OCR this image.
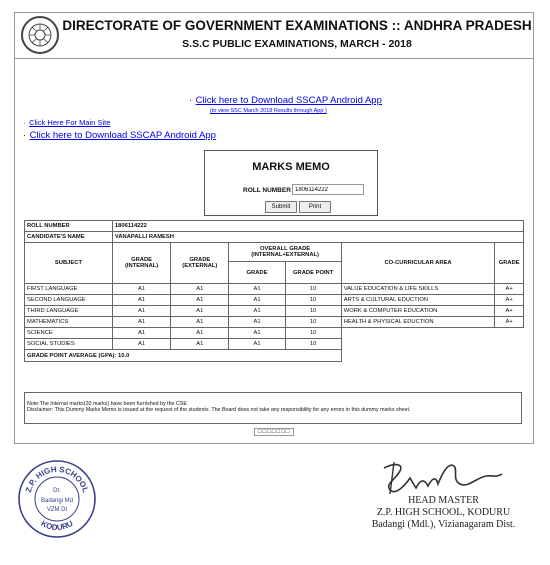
DIRECTORATE OF GOVERNMENT EXAMINATIONS :: ANDHRA PRADESH
S.S.C PUBLIC EXAMINATIONS, MARCH - 2018
· Click here to Download SSCAP Android App
(to view SSC March 2018 Results through App )
· Click Here For Main Site
· Click here to Download SSCAP Android App
MARKS MEMO
ROLL NUMBER
1806114222
Submit	Print
ROLL NUMBER	1806114222					
CANDIDATE'S NAME	VANAPALLI RAMESH					
SUBJECT	GRADE (INTERNAL)	GRADE (EXTERNAL)	OVERALL GRADE (INTERNAL+EXTERNAL)		CO-CURRICULAR AREA	GRADE
			GRADE	GRADE POINT		
FIRST LANGUAGE	A1	A1	A1	10	VALUE EDUCATION & LIFE SKILLS	A+
SECOND LANGUAGE	A1	A1	A1	10	ARTS & CULTURAL EDUCTION	A+
THIRD LANGUAGE	A1	A1	A1	10	WORK & COMPUTER EDUCATION	A+
MATHEMATICS	A1	A1	A1	10	HEALTH & PHYSICAL EDUCTION	A+
SCIENCE	A1	A1	A1	10		
SOCIAL STUDIES	A1	A1	A1	10		
GRADE POINT AVERAGE (GPA): 10.0						
Note:The Internal marks(20 marks) have been furnished by the CSE
Disclaimer: This Dummy Marks Memo is issued at the request of the students. The Board does not take any responsibility for any errors in this dummy marks sheet.
□□□□□□□
Z.P. HIGH SCHOOL
KODURU
Dt.
Badangi Md
VZM Dt
HEAD MASTER
Z.P. HIGH SCHOOL, KODURU
Badangi (Mdl.), Vizianagaram Dist.
